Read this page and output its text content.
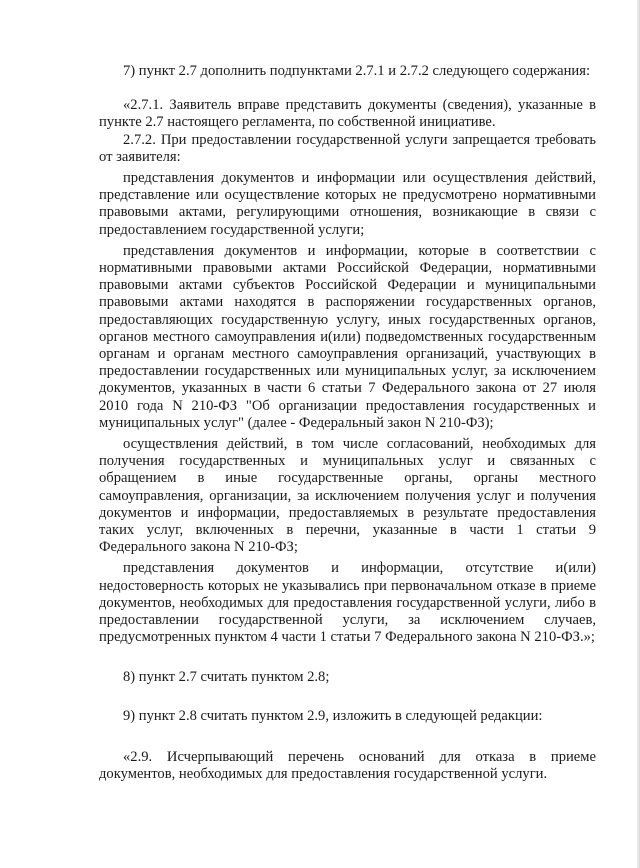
7) пункт 2.7 дополнить подпунктами 2.7.1 и 2.7.2 следующего содержания:

«2.7.1. Заявитель вправе представить документы (сведения), указанные в пункте 2.7 настоящего регламента, по собственной инициативе.

2.7.2. При предоставлении государственной услуги запрещается требовать от заявителя:

представления документов и информации или осуществления действий, представление или осуществление которых не предусмотрено нормативными правовыми актами, регулирующими отношения, возникающие в связи с предоставлением государственной услуги;

представления документов и информации, которые в соответствии с нормативными правовыми актами Российской Федерации, нормативными правовыми актами субъектов Российской Федерации и муниципальными правовыми актами находятся в распоряжении государственных органов, предоставляющих государственную услугу, иных государственных органов, органов местного самоуправления и(или) подведомственных государственным органам и органам местного самоуправления организаций, участвующих в предоставлении государственных или муниципальных услуг, за исключением документов, указанных в части 6 статьи 7 Федерального закона от 27 июля 2010 года N 210-ФЗ "Об организации предоставления государственных и муниципальных услуг" (далее - Федеральный закон N 210-ФЗ);

осуществления действий, в том числе согласований, необходимых для получения государственных и муниципальных услуг и связанных с обращением в иные государственные органы, органы местного самоуправления, организации, за исключением получения услуг и получения документов и информации, предоставляемых в результате предоставления таких услуг, включенных в перечни, указанные в части 1 статьи 9 Федерального закона N 210-ФЗ;

представления документов и информации, отсутствие и(или) недостоверность которых не указывались при первоначальном отказе в приеме документов, необходимых для предоставления государственной услуги, либо в предоставлении государственной услуги, за исключением случаев, предусмотренных пунктом 4 части 1 статьи 7 Федерального закона N 210-ФЗ.»;

8) пункт 2.7 считать пунктом 2.8;

9) пункт 2.8 считать пунктом 2.9, изложить в следующей редакции:

«2.9. Исчерпывающий перечень оснований для отказа в приеме документов, необходимых для предоставления государственной услуги.
